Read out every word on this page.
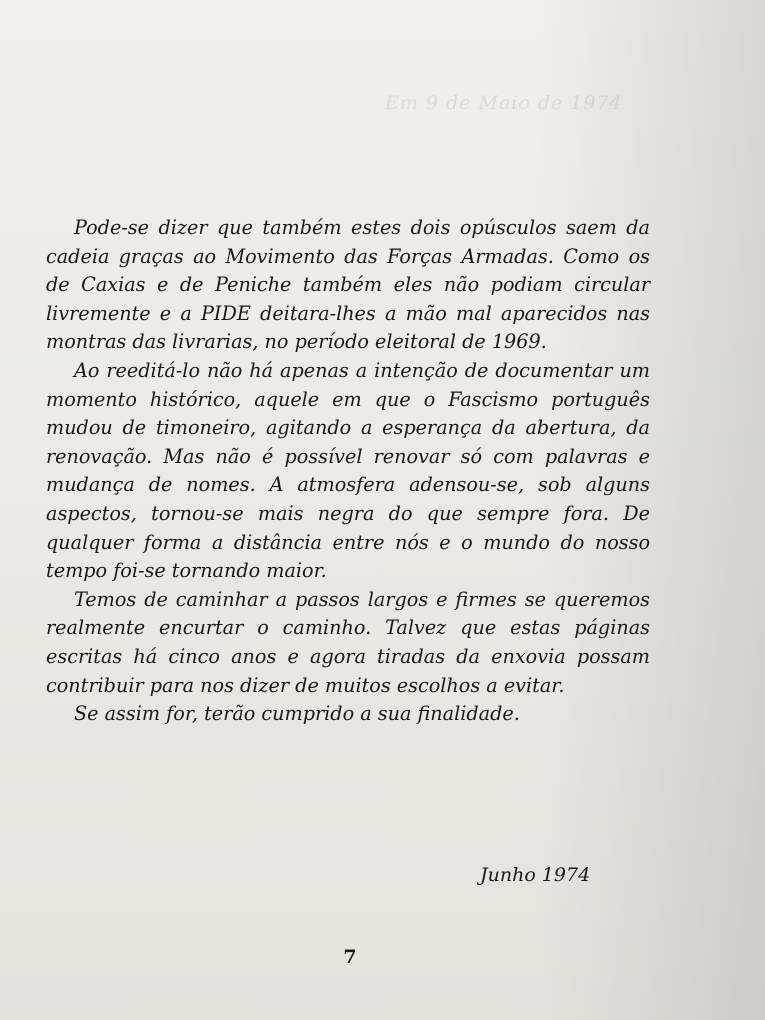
Em 9 de Maio de 1974

Pode-se dizer que também estes dois opúsculos saem da cadeia graças ao Movimento das Forças Armadas. Como os de Caxias e de Peniche também eles não podiam circular livremente e a PIDE deitara-lhes a mão mal aparecidos nas montras das livrarias, no período eleitoral de 1969.

Ao reeditá-lo não há apenas a intenção de documentar um momento histórico, aquele em que o Fascismo português mudou de timoneiro, agitando a esperança da abertura, da renovação. Mas não é possível renovar só com palavras e mudança de nomes. A atmosfera adensou-se, sob alguns aspectos, tornou-se mais negra do que sempre fora. De qualquer forma a distância entre nós e o mundo do nosso tempo foi-se tornando maior.

Temos de caminhar a passos largos e firmes se queremos realmente encurtar o caminho. Talvez que estas páginas escritas há cinco anos e agora tiradas da enxovia possam contribuir para nos dizer de muitos escolhos a evitar.

Se assim for, terão cumprido a sua finalidade.

Junho 1974
7
